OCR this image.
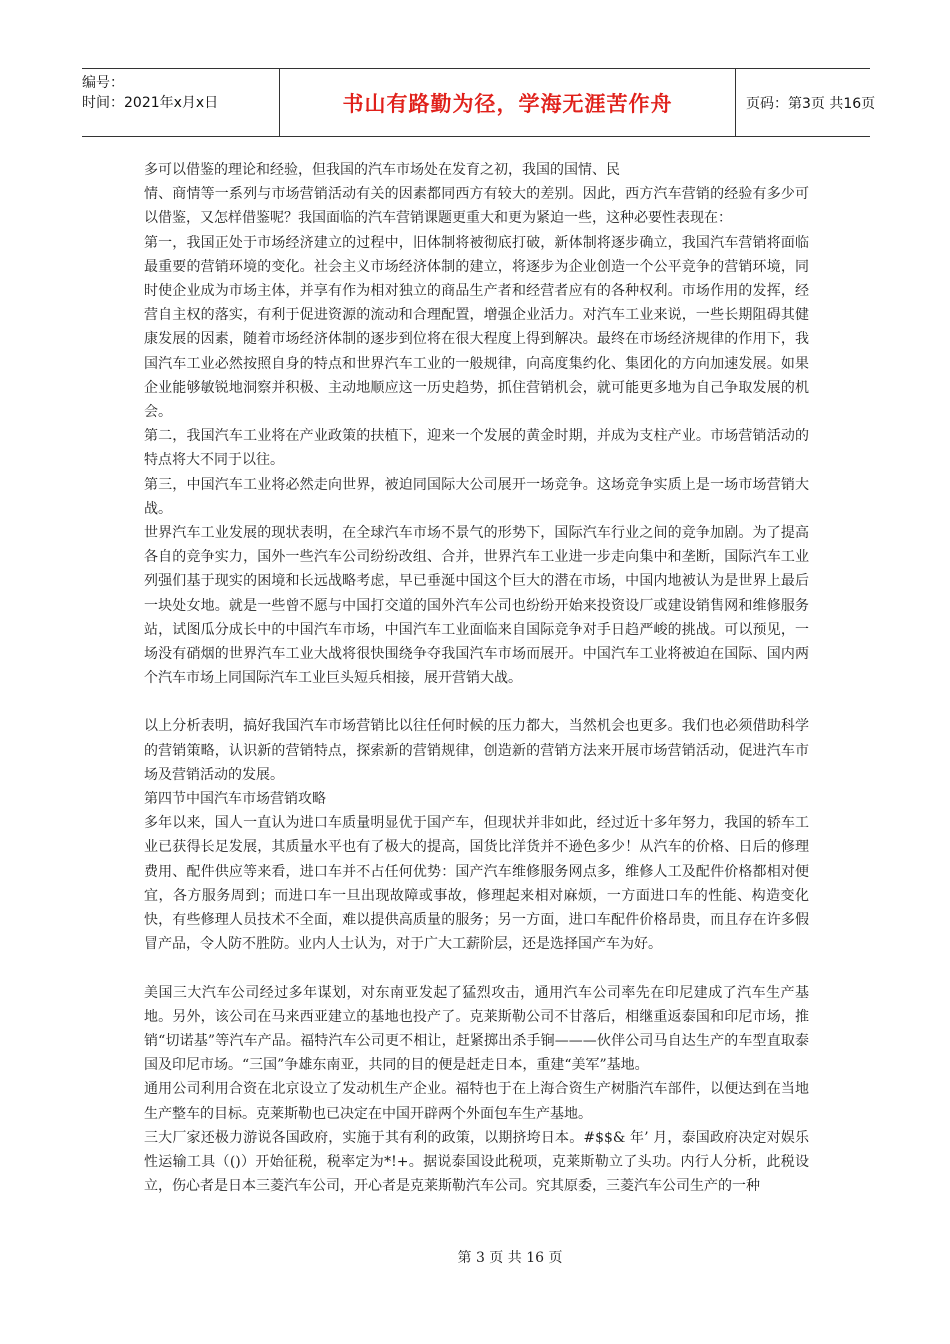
编号：
时间：2021年x月x日	书山有路勤为径，学海无涯苦作舟	页码：第3页 共16页

多可以借鉴的理论和经验，但我国的汽车市场处在发育之初，我国的国情、民

情、商情等一系列与市场营销活动有关的因素都同西方有较大的差别。因此，西方汽车营销的经验有多少可以借鉴，又怎样借鉴呢？我国面临的汽车营销课题更重大和更为紧迫一些，这种必要性表现在：

第一，我国正处于市场经济建立的过程中，旧体制将被彻底打破，新体制将逐步确立，我国汽车营销将面临最重要的营销环境的变化。社会主义市场经济体制的建立，将逐步为企业创造一个公平竞争的营销环境，同时使企业成为市场主体，并享有作为相对独立的商品生产者和经营者应有的各种权利。市场作用的发挥，经营自主权的落实，有利于促进资源的流动和合理配置，增强企业活力。对汽车工业来说，一些长期阻碍其健康发展的因素，随着市场经济体制的逐步到位将在很大程度上得到解决。最终在市场经济规律的作用下，我国汽车工业必然按照自身的特点和世界汽车工业的一般规律，向高度集约化、集团化的方向加速发展。如果企业能够敏锐地洞察并积极、主动地顺应这一历史趋势，抓住营销机会，就可能更多地为自己争取发展的机会。

第二，我国汽车工业将在产业政策的扶植下，迎来一个发展的黄金时期，并成为支柱产业。市场营销活动的特点将大不同于以往。

第三，中国汽车工业将必然走向世界，被迫同国际大公司展开一场竞争。这场竞争实质上是一场市场营销大战。

世界汽车工业发展的现状表明，在全球汽车市场不景气的形势下，国际汽车行业之间的竞争加剧。为了提高各自的竞争实力，国外一些汽车公司纷纷改组、合并，世界汽车工业进一步走向集中和垄断，国际汽车工业列强们基于现实的困境和长远战略考虑，早已垂涎中国这个巨大的潜在市场，中国内地被认为是世界上最后一块处女地。就是一些曾不愿与中国打交道的国外汽车公司也纷纷开始来投资设厂或建设销售网和维修服务站，试图瓜分成长中的中国汽车市场，中国汽车工业面临来自国际竞争对手日趋严峻的挑战。可以预见，一场没有硝烟的世界汽车工业大战将很快围绕争夺我国汽车市场而展开。中国汽车工业将被迫在国际、国内两个汽车市场上同国际汽车工业巨头短兵相接，展开营销大战。

以上分析表明，搞好我国汽车市场营销比以往任何时候的压力都大，当然机会也更多。我们也必须借助科学的营销策略，认识新的营销特点，探索新的营销规律，创造新的营销方法来开展市场营销活动，促进汽车市场及营销活动的发展。

第四节中国汽车市场营销攻略

多年以来，国人一直认为进口车质量明显优于国产车，但现状并非如此，经过近十多年努力，我国的轿车工业已获得长足发展，其质量水平也有了极大的提高，国货比洋货并不逊色多少！从汽车的价格、日后的修理费用、配件供应等来看，进口车并不占任何优势：国产汽车维修服务网点多，维修人工及配件价格都相对便宜，各方服务周到；而进口车一旦出现故障或事故，修理起来相对麻烦，一方面进口车的性能、构造变化快，有些修理人员技术不全面，难以提供高质量的服务；另一方面，进口车配件价格昂贵，而且存在许多假冒产品，令人防不胜防。业内人士认为，对于广大工薪阶层，还是选择国产车为好。

美国三大汽车公司经过多年谋划，对东南亚发起了猛烈攻击，通用汽车公司率先在印尼建成了汽车生产基地。另外，该公司在马来西亚建立的基地也投产了。克莱斯勒公司不甘落后，相继重返泰国和印尼市场，推销“切诺基”等汽车产品。福特汽车公司更不相让，赶紧掷出杀手锏———伙伴公司马自达生产的车型直取泰国及印尼市场。“三国”争雄东南亚，共同的目的便是赶走日本，重建“美军”基地。

通用公司利用合资在北京设立了发动机生产企业。福特也于在上海合资生产树脂汽车部件，以便达到在当地生产整车的目标。克莱斯勒也已决定在中国开辟两个外面包车生产基地。

三大厂家还极力游说各国政府，实施于其有利的政策，以期挤垮日本。#$$& 年’ 月，泰国政府决定对娱乐性运输工具（()）开始征税，税率定为*!+。据说泰国设此税项，克莱斯勒立了头功。内行人分析，此税设立，伤心者是日本三菱汽车公司，开心者是克莱斯勒汽车公司。究其原委，三菱汽车公司生产的一种

第 3 页 共 16 页
